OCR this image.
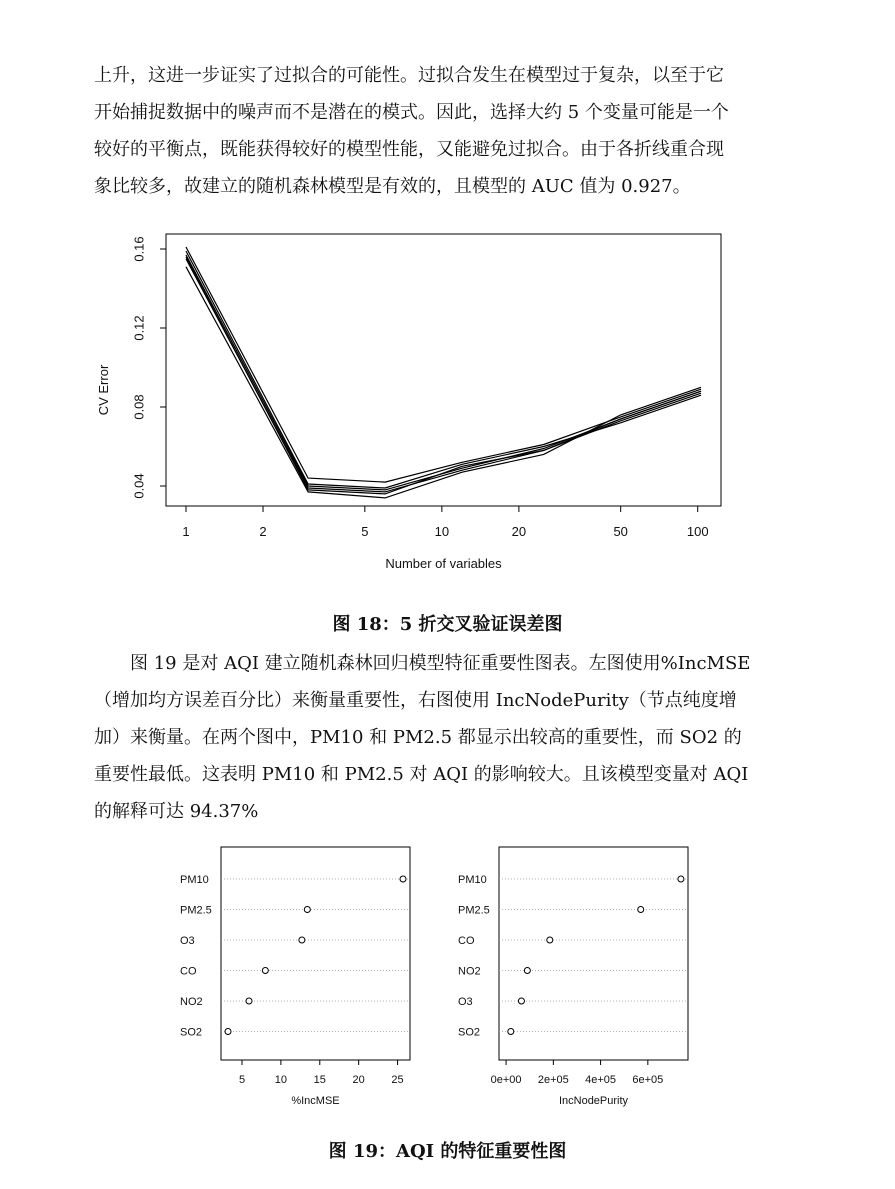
上升，这进一步证实了过拟合的可能性。过拟合发生在模型过于复杂，以至于它
开始捕捉数据中的噪声而不是潜在的模式。因此，选择大约 5 个变量可能是一个
较好的平衡点，既能获得较好的模型性能，又能避免过拟合。由于各折线重合现
象比较多，故建立的随机森林模型是有效的，且模型的 AUC 值为 0.927。
1	2	5	10	20	50	100
0.04
0.08
0.12
0.16
Number of variables
CV Error

图 18：5 折交叉验证误差图

　　图 19 是对 AQI 建立随机森林回归模型特征重要性图表。左图使用%IncMSE
（增加均方误差百分比）来衡量重要性，右图使用 IncNodePurity（节点纯度增
加）来衡量。在两个图中，PM10 和 PM2.5 都显示出较高的重要性，而 SO2 的
重要性最低。这表明 PM10 和 PM2.5 对 AQI 的影响较大。且该模型变量对 AQI
的解释可达 94.37%
PM10
PM2.5
O3
CO
NO2
SO2
5	10 15 20 25
%IncMSE
PM10
PM2.5
CO
NO2
O3
SO2
0e+00 2e+05 4e+05 6e+05
IncNodePurity

图 19：AQI 的特征重要性图
